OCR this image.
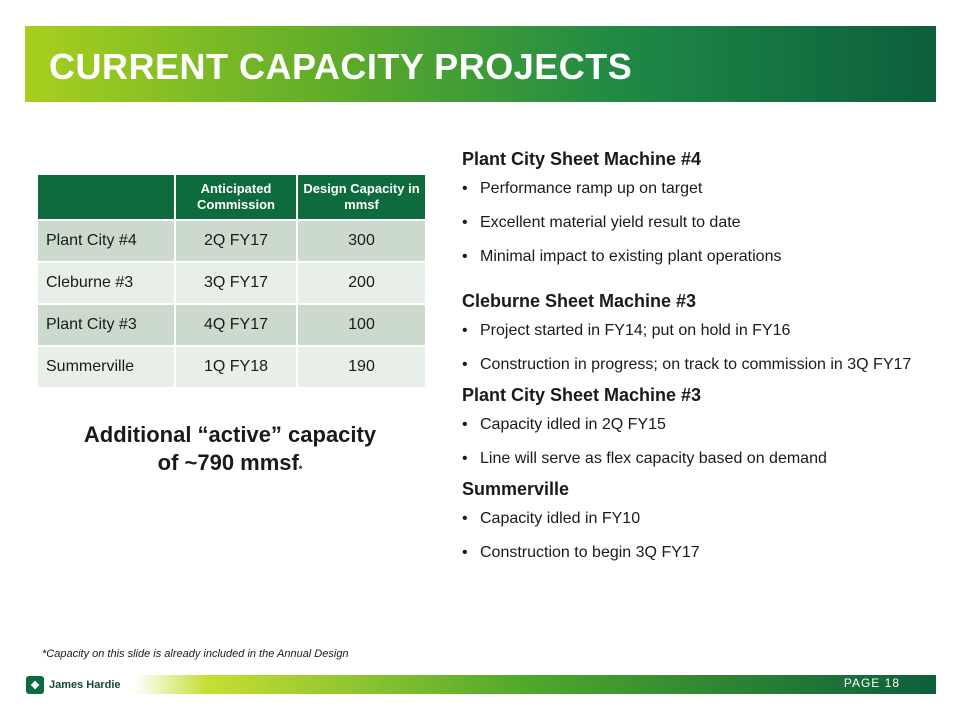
CURRENT CAPACITY PROJECTS
	Anticipated Commission	Design Capacity in mmsf
Plant City #4	2Q FY17	300
Cleburne #3	3Q FY17	200
Plant City #3	4Q FY17	100
Summerville	1Q FY18	190
Additional “active” capacity
of ~790 mmsf*
*Capacity on this slide is already included in the Annual Design
Plant City Sheet Machine #4
• Performance ramp up on target
• Excellent material yield result to date
• Minimal impact to existing plant operations
Cleburne Sheet Machine #3
• Project started in FY14; put on hold in FY16
• Construction in progress; on track to commission in 3Q FY17
Plant City Sheet Machine #3
• Capacity idled in 2Q FY15
• Line will serve as flex capacity based on demand
Summerville
• Capacity idled in FY10
• Construction to begin 3Q FY17
❖ James Hardie	PAGE 18
